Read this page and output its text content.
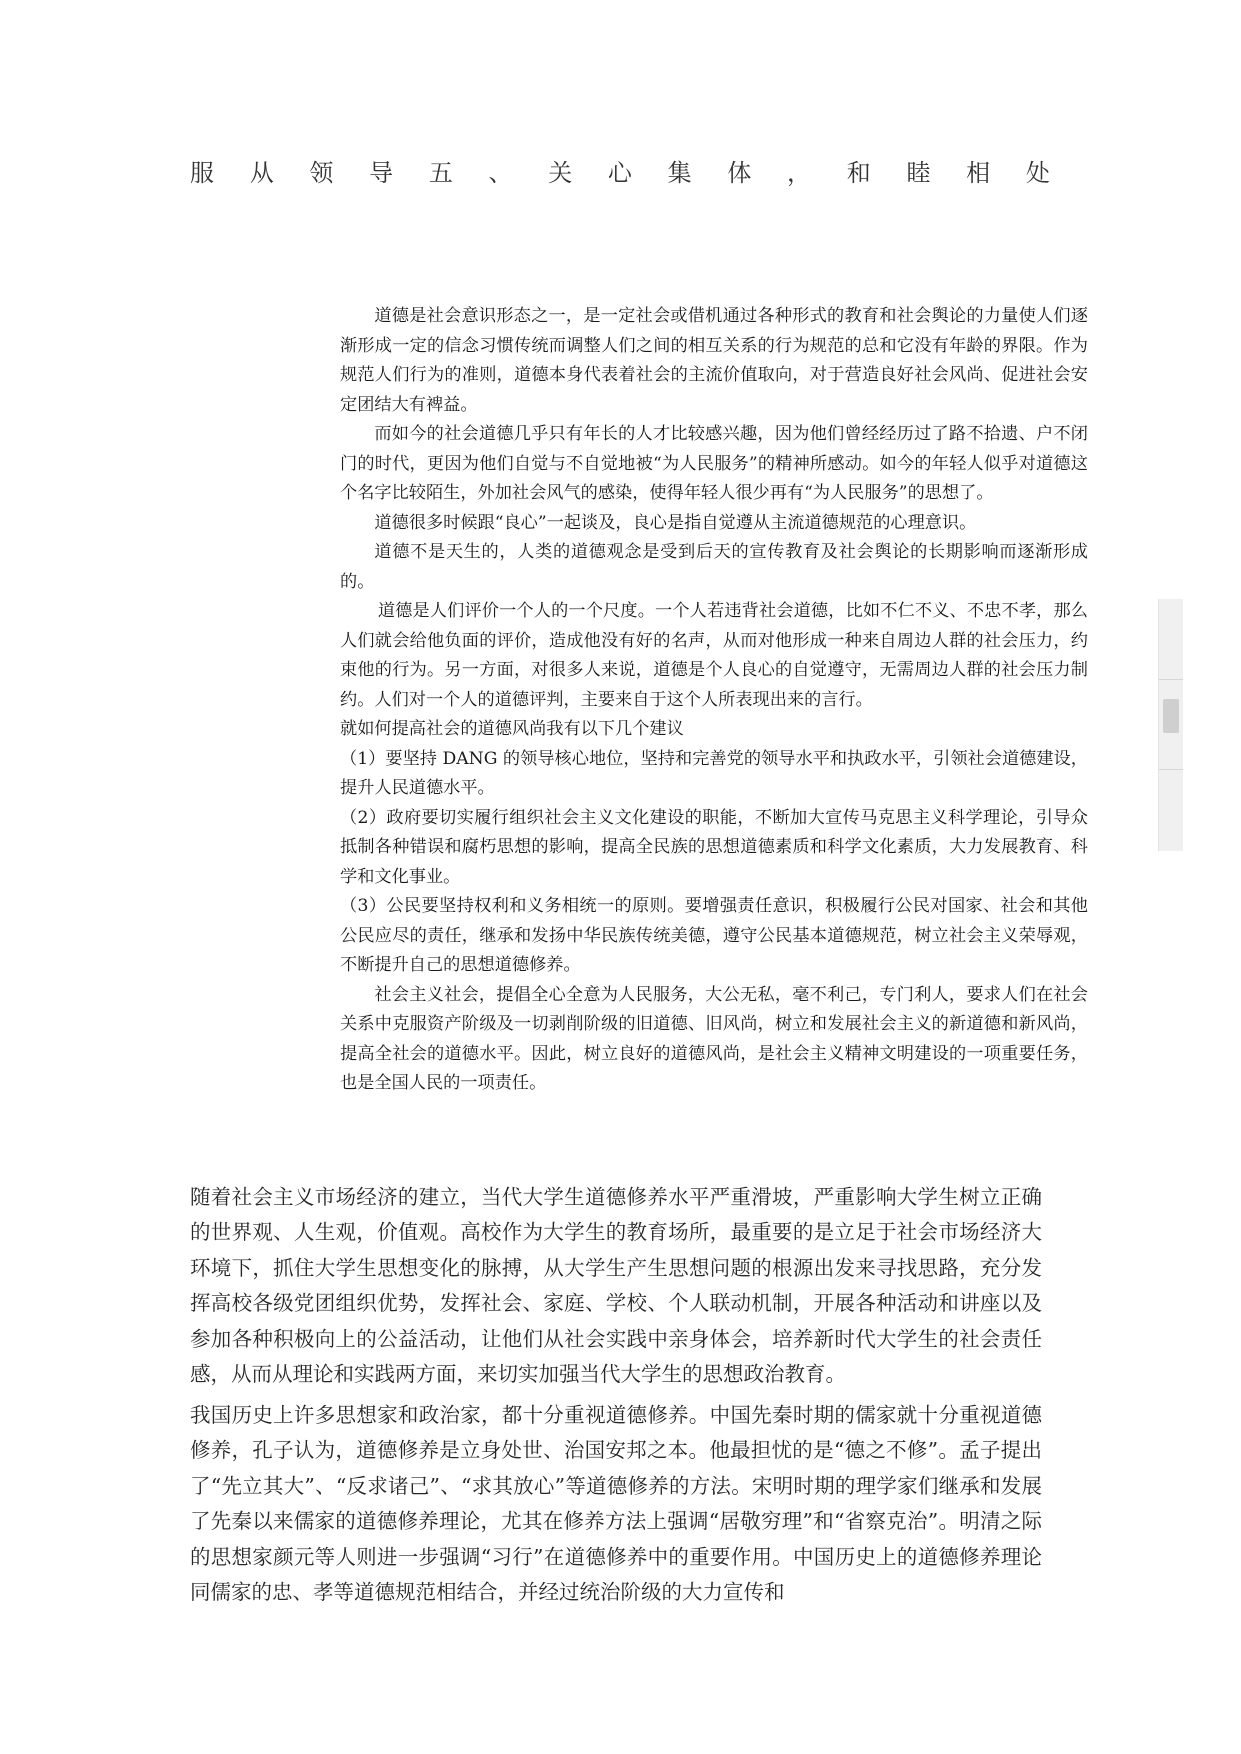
服 从 领 导 五 、 关 心 集 体 ， 和 睦 相 处

道德是社会意识形态之一，是一定社会或借机通过各种形式的教育和社会舆论的力量使人们逐渐形成一定的信念习惯传统而调整人们之间的相互关系的行为规范的总和它没有年龄的界限。作为规范人们行为的准则，道德本身代表着社会的主流价值取向，对于营造良好社会风尚、促进社会安定团结大有裨益。

而如今的社会道德几乎只有年长的人才比较感兴趣，因为他们曾经经历过了路不拾遗、户不闭门的时代，更因为他们自觉与不自觉地被“为人民服务”的精神所感动。如今的年轻人似乎对道德这个名字比较陌生，外加社会风气的感染，使得年轻人很少再有“为人民服务”的思想了。

道德很多时候跟“良心”一起谈及，良心是指自觉遵从主流道德规范的心理意识。

道德不是天生的，人类的道德观念是受到后天的宣传教育及社会舆论的长期影响而逐渐形成的。

道德是人们评价一个人的一个尺度。一个人若违背社会道德，比如不仁不义、不忠不孝，那么人们就会给他负面的评价，造成他没有好的名声，从而对他形成一种来自周边人群的社会压力，约束他的行为。另一方面，对很多人来说，道德是个人良心的自觉遵守，无需周边人群的社会压力制约。人们对一个人的道德评判，主要来自于这个人所表现出来的言行。

就如何提高社会的道德风尚我有以下几个建议

（1）要坚持 DANG 的领导核心地位，坚持和完善党的领导水平和执政水平，引领社会道德建设，提升人民道德水平。

（2）政府要切实履行组织社会主义文化建设的职能，不断加大宣传马克思主义科学理论，引导众抵制各种错误和腐朽思想的影响，提高全民族的思想道德素质和科学文化素质，大力发展教育、科学和文化事业。

（3）公民要坚持权利和义务相统一的原则。要增强责任意识，积极履行公民对国家、社会和其他公民应尽的责任，继承和发扬中华民族传统美德，遵守公民基本道德规范，树立社会主义荣辱观，不断提升自己的思想道德修养。

社会主义社会，提倡全心全意为人民服务，大公无私，毫不利己，专门利人，要求人们在社会关系中克服资产阶级及一切剥削阶级的旧道德、旧风尚，树立和发展社会主义的新道德和新风尚，提高全社会的道德水平。因此，树立良好的道德风尚，是社会主义精神文明建设的一项重要任务，也是全国人民的一项责任。

随着社会主义市场经济的建立，当代大学生道德修养水平严重滑坡，严重影响大学生树立正确的世界观、人生观，价值观。高校作为大学生的教育场所，最重要的是立足于社会市场经济大环境下，抓住大学生思想变化的脉搏，从大学生产生思想问题的根源出发来寻找思路，充分发挥高校各级党团组织优势，发挥社会、家庭、学校、个人联动机制，开展各种活动和讲座以及参加各种积极向上的公益活动，让他们从社会实践中亲身体会，培养新时代大学生的社会责任感，从而从理论和实践两方面，来切实加强当代大学生的思想政治教育。

我国历史上许多思想家和政治家，都十分重视道德修养。中国先秦时期的儒家就十分重视道德修养，孔子认为，道德修养是立身处世、治国安邦之本。他最担忧的是“德之不修”。孟子提出了“先立其大”、“反求诸己”、“求其放心”等道德修养的方法。宋明时期的理学家们继承和发展了先秦以来儒家的道德修养理论，尤其在修养方法上强调“居敬穷理”和“省察克治”。明清之际的思想家颜元等人则进一步强调“习行”在道德修养中的重要作用。中国历史上的道德修养理论同儒家的忠、孝等道德规范相结合，并经过统治阶级的大力宣传和
